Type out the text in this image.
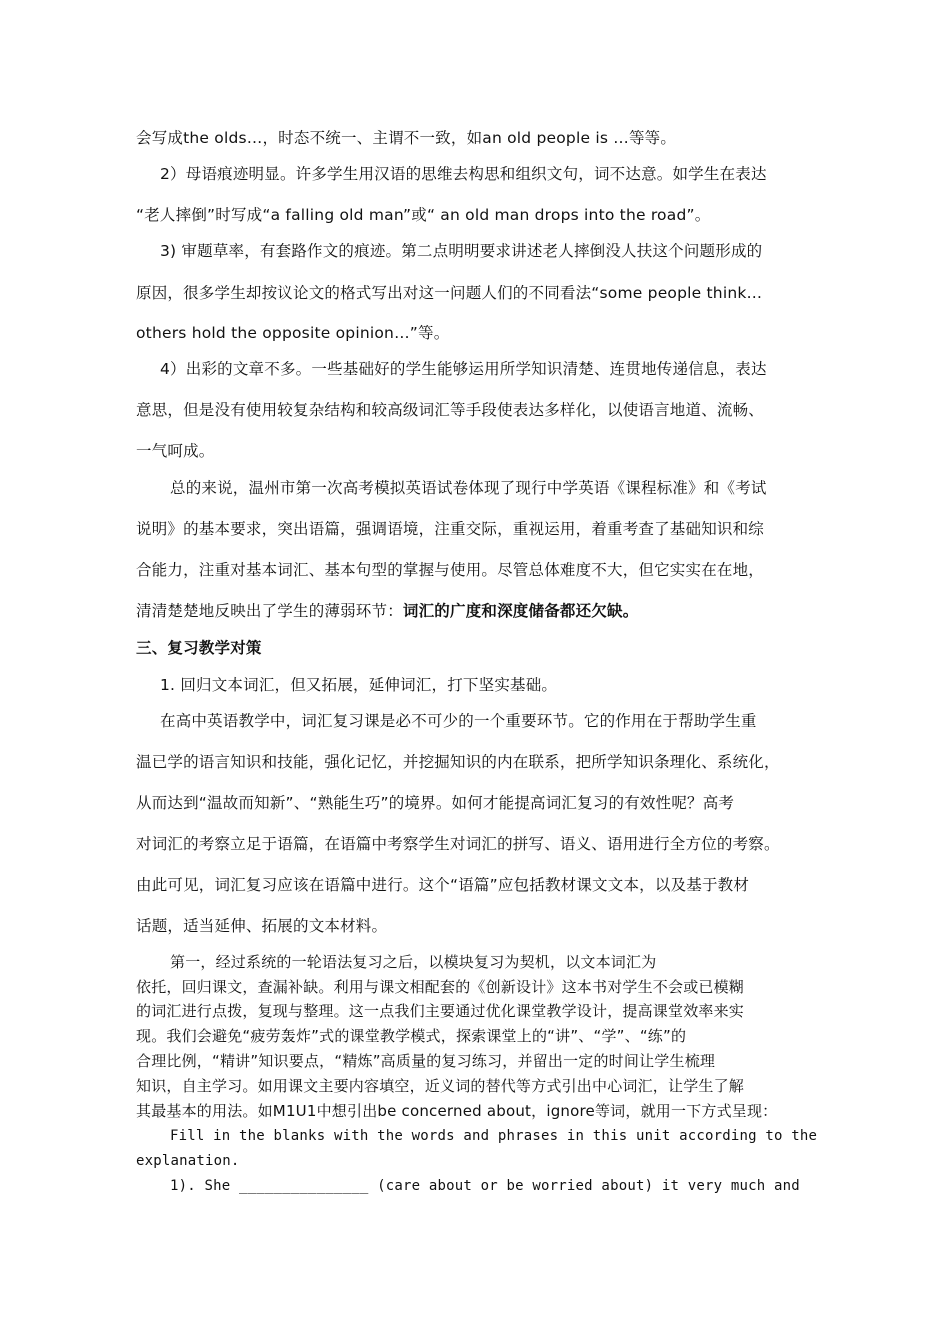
会写成the olds…，时态不统一、主谓不一致，如an old people is …等等。
2）母语痕迹明显。许多学生用汉语的思维去构思和组织文句，词不达意。如学生在表达
“老人摔倒”时写成“a falling old man”或“ an old man drops into the road”。
3) 审题草率，有套路作文的痕迹。第二点明明要求讲述老人摔倒没人扶这个问题形成的
原因，很多学生却按议论文的格式写出对这一问题人们的不同看法“some people think…
others hold the opposite opinion…”等。
4）出彩的文章不多。一些基础好的学生能够运用所学知识清楚、连贯地传递信息，表达
意思，但是没有使用较复杂结构和较高级词汇等手段使表达多样化，以使语言地道、流畅、
一气呵成。
总的来说，温州市第一次高考模拟英语试卷体现了现行中学英语《课程标准》和《考试
说明》的基本要求，突出语篇，强调语境，注重交际，重视运用，着重考查了基础知识和综
合能力，注重对基本词汇、基本句型的掌握与使用。尽管总体难度不大，但它实实在在地，
清清楚楚地反映出了学生的薄弱环节：词汇的广度和深度储备都还欠缺。
三、复习教学对策
1. 回归文本词汇，但又拓展，延伸词汇，打下坚实基础。
在高中英语教学中，词汇复习课是必不可少的一个重要环节。它的作用在于帮助学生重
温已学的语言知识和技能，强化记忆，并挖掘知识的内在联系，把所学知识条理化、系统化，
从而达到“温故而知新”、“熟能生巧”的境界。如何才能提高词汇复习的有效性呢？高考
对词汇的考察立足于语篇，在语篇中考察学生对词汇的拼写、语义、语用进行全方位的考察。
由此可见，词汇复习应该在语篇中进行。这个“语篇”应包括教材课文文本，以及基于教材
话题，适当延伸、拓展的文本材料。
第一，经过系统的一轮语法复习之后，以模块复习为契机，以文本词汇为
依托，回归课文，查漏补缺。利用与课文相配套的《创新设计》这本书对学生不会或已模糊
的词汇进行点拨，复现与整理。这一点我们主要通过优化课堂教学设计，提高课堂效率来实
现。我们会避免“疲劳轰炸”式的课堂教学模式，探索课堂上的“讲”、“学”、“练”的
合理比例，“精讲”知识要点，“精炼”高质量的复习练习，并留出一定的时间让学生梳理
知识，自主学习。如用课文主要内容填空，近义词的替代等方式引出中心词汇，让学生了解
其最基本的用法。如M1U1中想引出be concerned about，ignore等词，就用一下方式呈现：
Fill in the blanks with the words and phrases in this unit according to the
explanation.
1). She _______________ (care about or be worried about) it very much and
